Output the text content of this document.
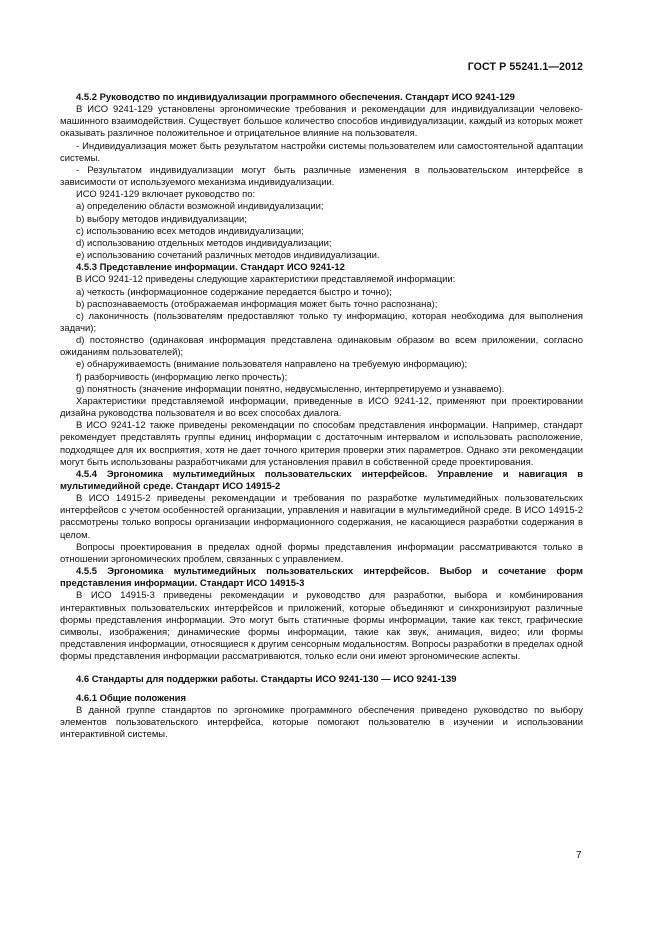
ГОСТ Р 55241.1—2012

4.5.2 Руководство по индивидуализации программного обеспечения. Стандарт ИСО 9241-129

В ИСО 9241-129 установлены эргономические требования и рекомендации для индивидуализации человеко-машинного взаимодействия. Существует большое количество способов индивидуализации, каждый из которых может оказывать различное положительное и отрицательное влияние на пользователя.

- Индивидуализация может быть результатом настройки системы пользователем или самостоятельной адаптации системы.

- Результатом индивидуализации могут быть различные изменения в пользовательском интерфейсе в зависимости от используемого механизма индивидуализации.

ИСО 9241-129 включает руководство по:

a) определению области возможной индивидуализации;

b) выбору методов индивидуализации;

c) использованию всех методов индивидуализации;

d) использованию отдельных методов индивидуализации;

e) использованию сочетаний различных методов индивидуализации.

4.5.3 Представление информации. Стандарт ИСО 9241-12

В ИСО 9241-12 приведены следующие характеристики представляемой информации:

a) четкость (информационное содержание передается быстро и точно);

b) распознаваемость (отображаемая информация может быть точно распознана);

c) лаконичность (пользователям предоставляют только ту информацию, которая необходима для выполнения задачи);

d) постоянство (одинаковая информация представлена одинаковым образом во всем приложении, согласно ожиданиям пользователей);

e) обнаруживаемость (внимание пользователя направлено на требуемую информацию);

f) разборчивость (информацию легко прочесть);

g) понятность (значение информации понятно, недвусмысленно, интерпретируемо и узнаваемо).

Характеристики представляемой информации, приведенные в ИСО 9241-12, применяют при проектировании дизайна руководства пользователя и во всех способах диалога.

В ИСО 9241-12 также приведены рекомендации по способам представления информации. Например, стандарт рекомендует представлять группы единиц информации с достаточным интервалом и использовать расположение, подходящее для их восприятия, хотя не дает точного критерия проверки этих параметров. Однако эти рекомендации могут быть использованы разработчиками для установления правил в собственной среде проектирования.

4.5.4 Эргономика мультимедийных пользовательских интерфейсов. Управление и навигация в мультимедийной среде. Стандарт ИСО 14915-2

В ИСО 14915-2 приведены рекомендации и требования по разработке мультимедийных пользовательских интерфейсов с учетом особенностей организации, управления и навигации в мультимедийной среде. В ИСО 14915-2 рассмотрены только вопросы организации информационного содержания, не касающиеся разработки содержания в целом.

Вопросы проектирования в пределах одной формы представления информации рассматриваются только в отношении эргономических проблем, связанных с управлением.

4.5.5 Эргономика мультимедийных пользовательских интерфейсов. Выбор и сочетание форм представления информации. Стандарт ИСО 14915-3

В ИСО 14915-3 приведены рекомендации и руководство для разработки, выбора и комбинирования интерактивных пользовательских интерфейсов и приложений, которые объединяют и синхронизируют различные формы представления информации. Это могут быть статичные формы информации, такие как текст, графические символы, изображения; динамические формы информации, такие как звук, анимация, видео; или формы представления информации, относящиеся к другим сенсорным модальностям. Вопросы разработки в пределах одной формы представления информации рассматриваются, только если они имеют эргономические аспекты.

4.6 Стандарты для поддержки работы. Стандарты ИСО 9241-130 — ИСО 9241-139

4.6.1 Общие положения

В данной группе стандартов по эргономике программного обеспечения приведено руководство по выбору элементов пользовательского интерфейса, которые помогают пользователю в изучении и использовании интерактивной системы.

7
